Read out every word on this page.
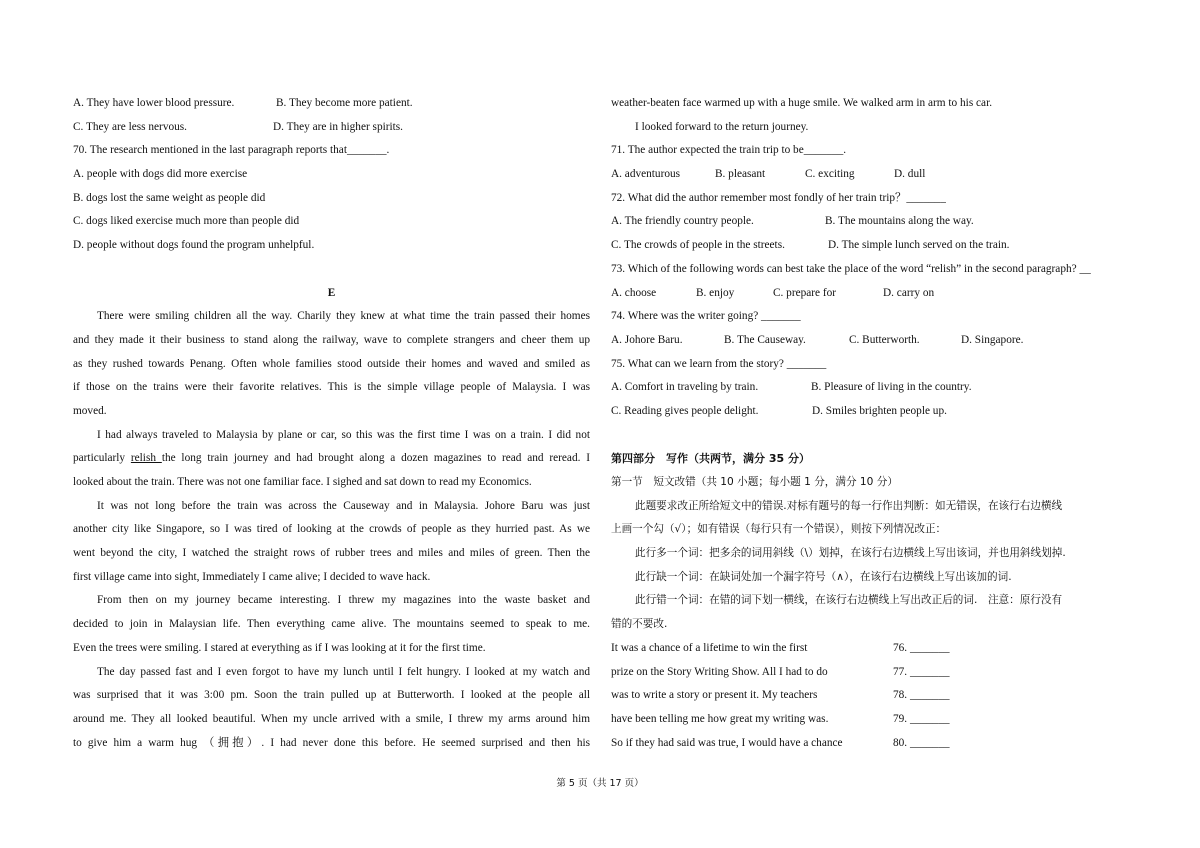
A. They have lower blood pressure.	B. They become more patient.
C. They are less nervous.	D. They are in higher spirits.
70. The research mentioned in the last paragraph reports that_______.
A. people with dogs did more exercise
B. dogs lost the same weight as people did
C. dogs liked exercise much more than people did
D. people without dogs found the program unhelpful.
E
There were smiling children all the way. Charily they knew at what time the train passed their homes
and they made it their business to stand along the railway, wave to complete strangers and cheer them up
as they rushed towards Penang. Often whole families stood outside their homes and waved and smiled as
if those on the trains were their favorite relatives. This is the simple village people of Malaysia. I was
moved.
I had always traveled to Malaysia by plane or car, so this was the first time I was on a train. I did not
particularly relish the long train journey and had brought along a dozen magazines to read and reread. I
looked about the train. There was not one familiar face. I sighed and sat down to read my Economics.
It was not long before the train was across the Causeway and in Malaysia. Johore Baru was just
another city like Singapore, so I was tired of looking at the crowds of people as they hurried past. As we
went beyond the city, I watched the straight rows of rubber trees and miles and miles of green. Then the
first village came into sight, Immediately I came alive; I decided to wave hack.
From then on my journey became interesting. I threw my magazines into the waste basket and
decided to join in Malaysian life. Then everything came alive. The mountains seemed to speak to me.
Even the trees were smiling. I stared at everything as if I was looking at it for the first time.
The day passed fast and I even forgot to have my lunch until I felt hungry. I looked at my watch and
was surprised that it was 3:00 pm. Soon the train pulled up at Butterworth. I looked at the people all
around me. They all looked beautiful. When my uncle arrived with a smile, I threw my arms around him
to give him a warm hug （拥抱）. I had never done this before. He seemed surprised and then his
weather-beaten face warmed up with a huge smile. We walked arm in arm to his car.
I looked forward to the return journey.
71. The author expected the train trip to be_______.
A. adventurous	B. pleasant	C. exciting	D. dull
72. What did the author remember most fondly of her train trip？_______
A. The friendly country people.	B. The mountains along the way.
C. The crowds of people in the streets.	D. The simple lunch served on the train.
73. Which of the following words can best take the place of the word “relish” in the second paragraph? __
A. choose	B. enjoy	C. prepare for	D. carry on
74. Where was the writer going? _______
A. Johore Baru.	B. The Causeway.	C. Butterworth.	D. Singapore.
75. What can we learn from the story? _______
A. Comfort in traveling by train.	B. Pleasure of living in the country.
C. Reading gives people delight.	D. Smiles brighten people up.
第四部分　写作（共两节，满分 35 分）
第一节　短文改错（共 10 小题；每小题 1 分，满分 10 分）
此题要求改正所给短文中的错误.对标有题号的每一行作出判断：如无错误，在该行右边横线
上画一个勾（√）；如有错误（每行只有一个错误），则按下列情况改正：
此行多一个词：把多余的词用斜线（\）划掉，在该行右边横线上写出该词，并也用斜线划掉.
此行缺一个词：在缺词处加一个漏字符号（∧），在该行右边横线上写出该加的词.
此行错一个词：在错的词下划一横线，在该行右边横线上写出改正后的词.　注意：原行没有
错的不要改.
It was a chance of a lifetime to win the first	76. _______
prize on the Story Writing Show. All I had to do	77. _______
was to write a story or present it. My teachers	78. _______
have been telling me how great my writing was.	79. _______
So if they had said was true, I would have a chance	80. _______
第 5 页（共 17 页）
